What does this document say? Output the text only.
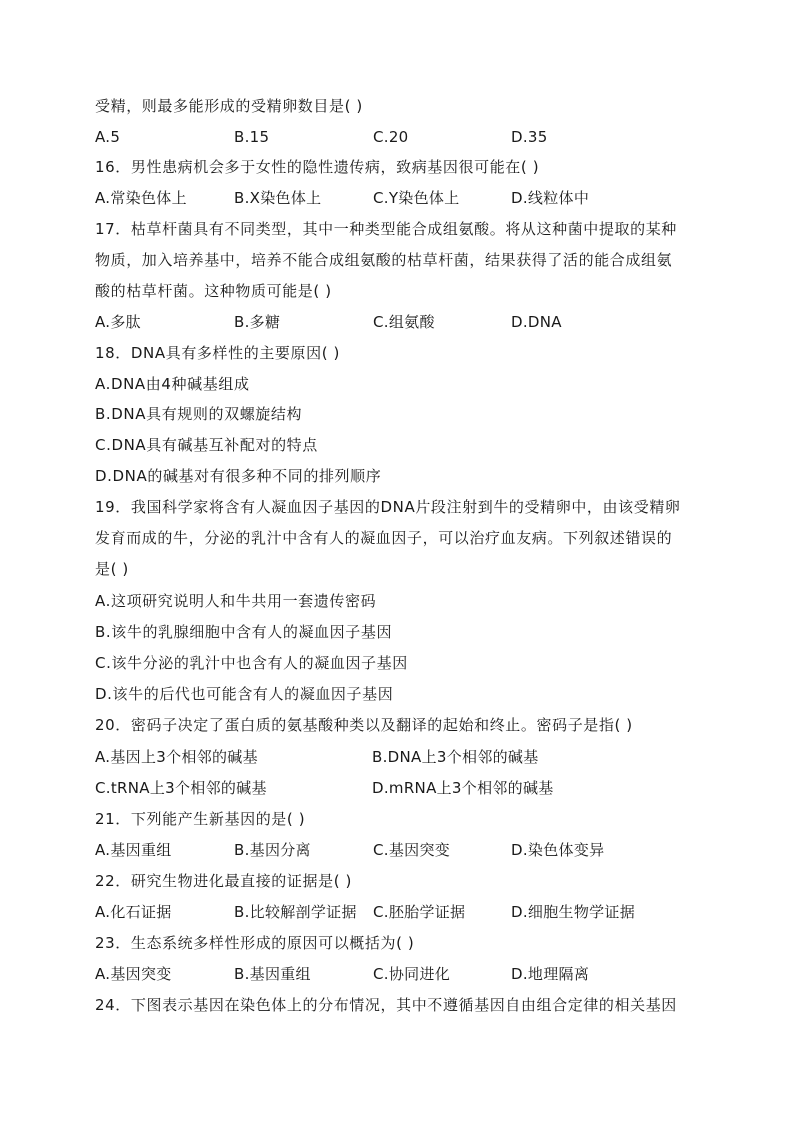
受精，则最多能形成的受精卵数目是( )
A.5	B.15	C.20	D.35
16．男性患病机会多于女性的隐性遗传病，致病基因很可能在( )
A.常染色体上	B.X染色体上	C.Y染色体上	D.线粒体中
17．枯草杆菌具有不同类型，其中一种类型能合成组氨酸。将从这种菌中提取的某种
物质，加入培养基中，培养不能合成组氨酸的枯草杆菌，结果获得了活的能合成组氨
酸的枯草杆菌。这种物质可能是( )
A.多肽	B.多糖	C.组氨酸	D.DNA
18．DNA具有多样性的主要原因( )
A.DNA由4种碱基组成
B.DNA具有规则的双螺旋结构
C.DNA具有碱基互补配对的特点
D.DNA的碱基对有很多种不同的排列顺序
19．我国科学家将含有人凝血因子基因的DNA片段注射到牛的受精卵中，由该受精卵
发育而成的牛，分泌的乳汁中含有人的凝血因子，可以治疗血友病。下列叙述错误的
是( )
A.这项研究说明人和牛共用一套遗传密码
B.该牛的乳腺细胞中含有人的凝血因子基因
C.该牛分泌的乳汁中也含有人的凝血因子基因
D.该牛的后代也可能含有人的凝血因子基因
20．密码子决定了蛋白质的氨基酸种类以及翻译的起始和终止。密码子是指( )
A.基因上3个相邻的碱基	B.DNA上3个相邻的碱基
C.tRNA上3个相邻的碱基	D.mRNA上3个相邻的碱基
21．下列能产生新基因的是( )
A.基因重组	B.基因分离	C.基因突变	D.染色体变异
22．研究生物进化最直接的证据是( )
A.化石证据	B.比较解剖学证据 C.胚胎学证据	D.细胞生物学证据
23．生态系统多样性形成的原因可以概括为( )
A.基因突变	B.基因重组	C.协同进化	D.地理隔离
24．下图表示基因在染色体上的分布情况，其中不遵循基因自由组合定律的相关基因
